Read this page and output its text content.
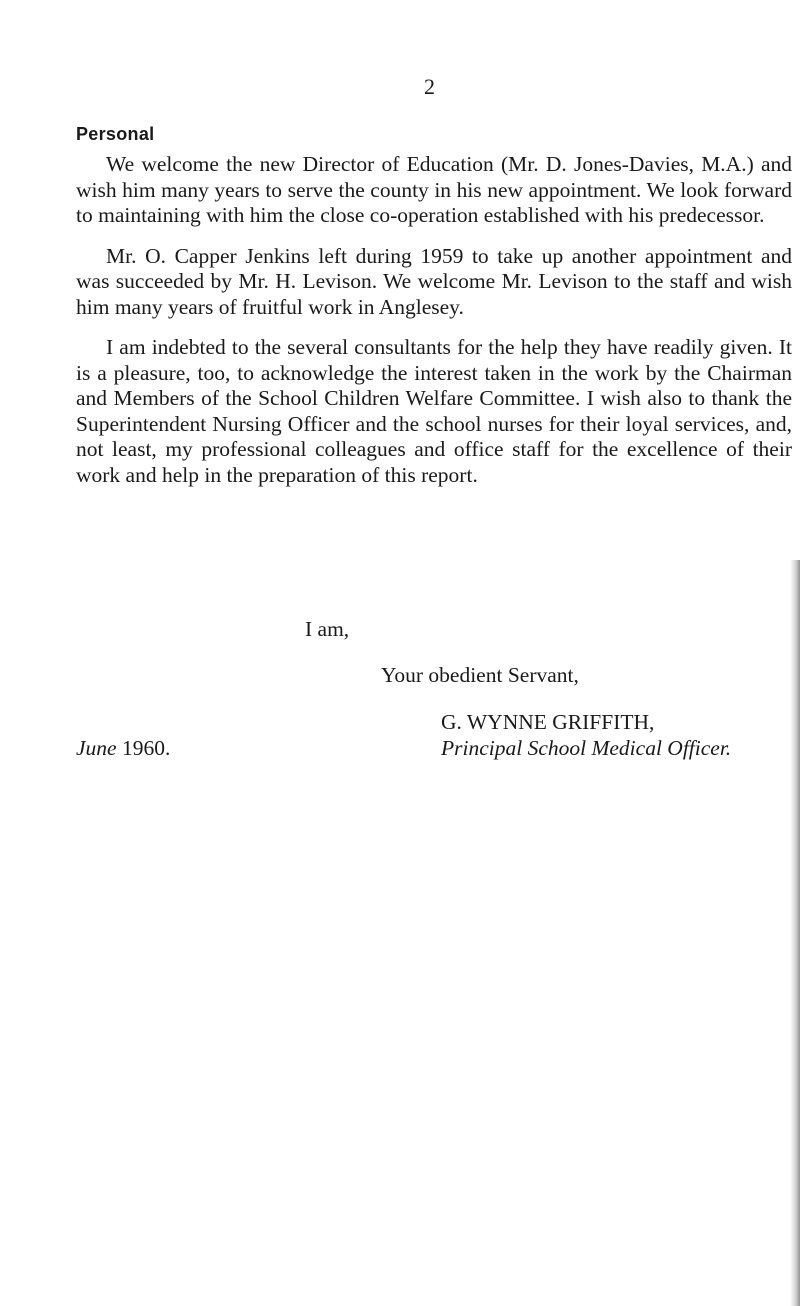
2
Personal

We welcome the new Director of Education (Mr. D. Jones-Davies, M.A.) and wish him many years to serve the county in his new appointment. We look forward to maintaining with him the close co-operation established with his predecessor.

Mr. O. Capper Jenkins left during 1959 to take up another appointment and was succeeded by Mr. H. Levison. We welcome Mr. Levison to the staff and wish him many years of fruitful work in Anglesey.

I am indebted to the several consultants for the help they have readily given. It is a pleasure, too, to acknowledge the interest taken in the work by the Chairman and Members of the School Children Welfare Committee. I wish also to thank the Superintendent Nursing Officer and the school nurses for their loyal services, and, not least, my professional colleagues and office staff for the excellence of their work and help in the preparation of this report.

I am,
Your obedient Servant,
G. WYNNE GRIFFITH,
Principal School Medical Officer.
June 1960.
